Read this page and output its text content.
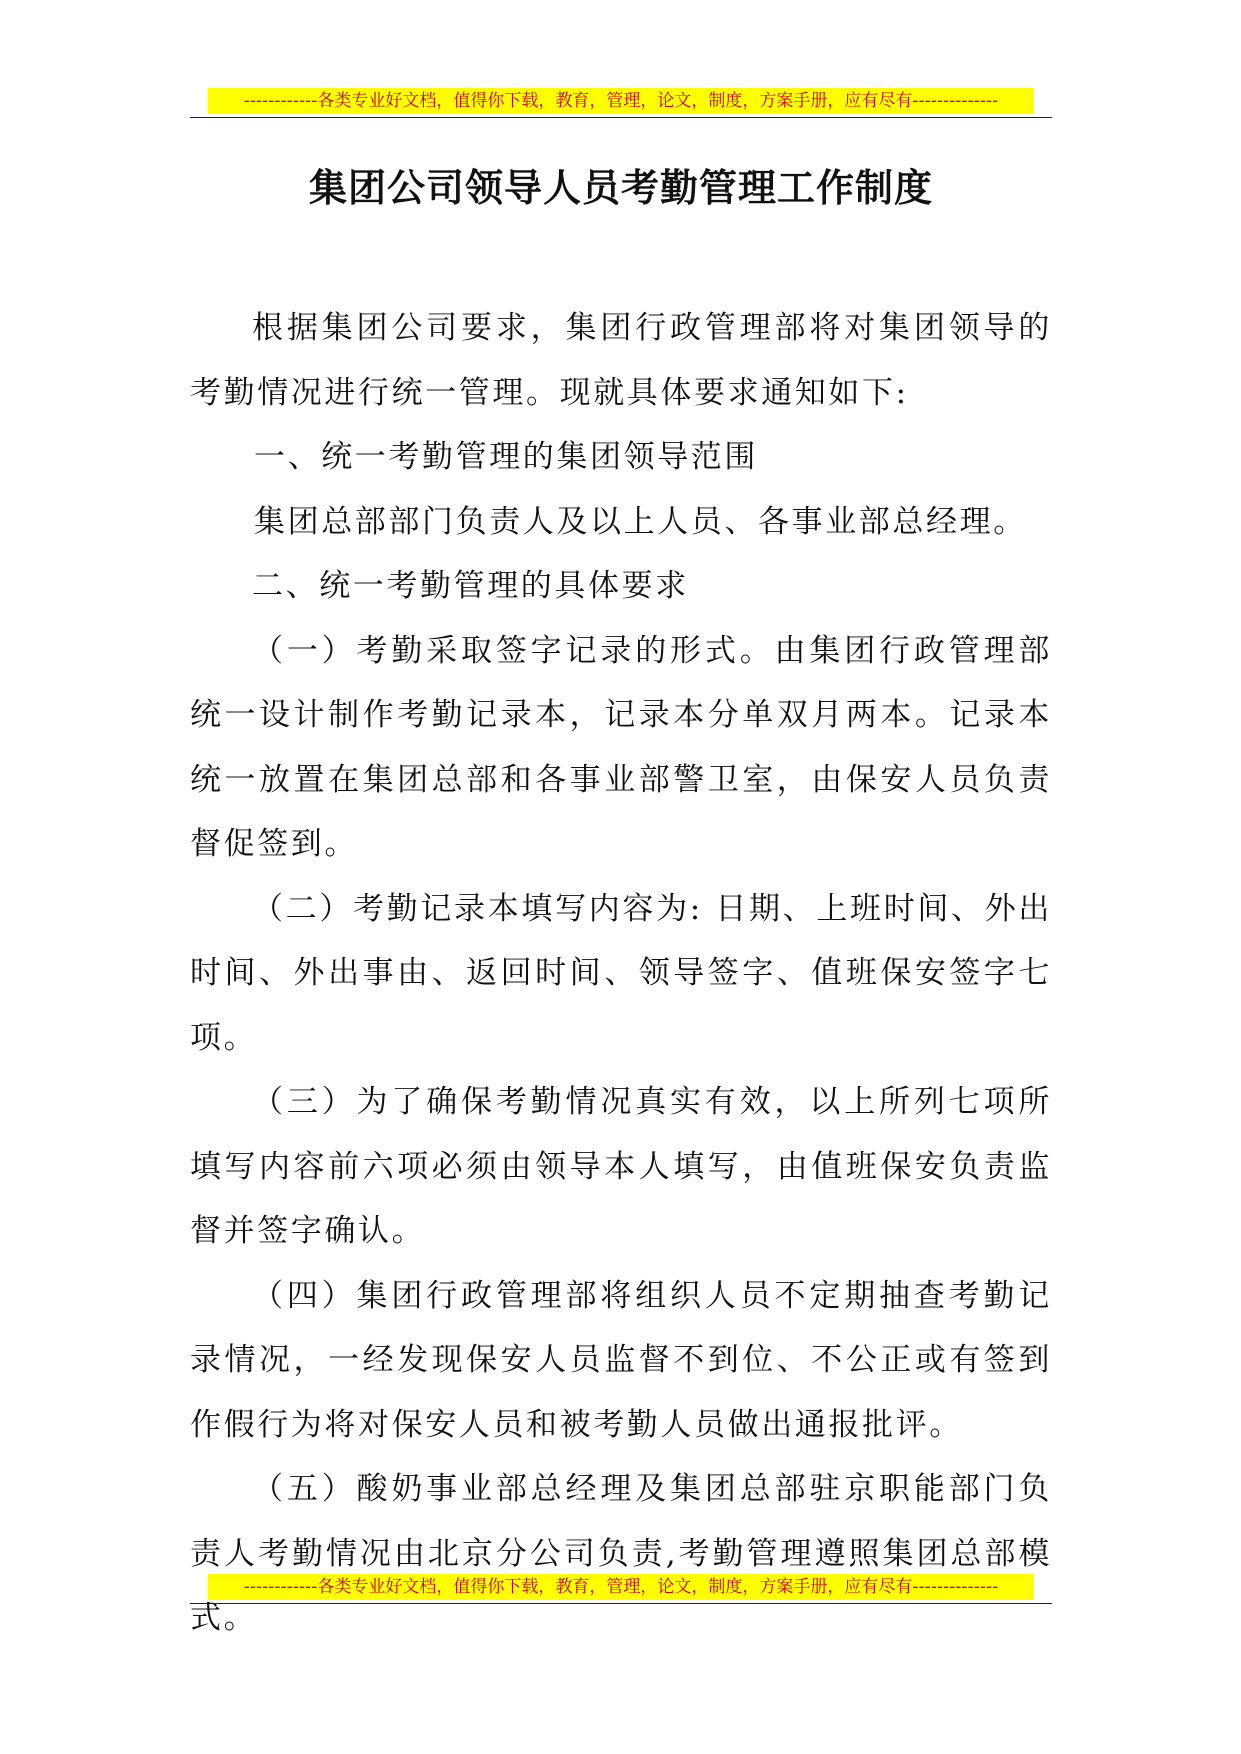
------------各类专业好文档，值得你下载，教育，管理，论文，制度，方案手册，应有尽有--------------
集团公司领导人员考勤管理工作制度

根据集团公司要求，集团行政管理部将对集团领导的考勤情况进行统一管理。现就具体要求通知如下:

一、统一考勤管理的集团领导范围

集团总部部门负责人及以上人员、各事业部总经理。

二、统一考勤管理的具体要求

（一）考勤采取签字记录的形式。由集团行政管理部统一设计制作考勤记录本，记录本分单双月两本。记录本统一放置在集团总部和各事业部警卫室，由保安人员负责督促签到。

（二）考勤记录本填写内容为: 日期、上班时间、外出时间、外出事由、返回时间、领导签字、值班保安签字七项。

（三）为了确保考勤情况真实有效，以上所列七项所填写内容前六项必须由领导本人填写，由值班保安负责监督并签字确认。

（四）集团行政管理部将组织人员不定期抽查考勤记录情况，一经发现保安人员监督不到位、不公正或有签到作假行为将对保安人员和被考勤人员做出通报批评。

（五）酸奶事业部总经理及集团总部驻京职能部门负责人考勤情况由北京分公司负责,考勤管理遵照集团总部模式。

------------各类专业好文档，值得你下载，教育，管理，论文，制度，方案手册，应有尽有--------------
